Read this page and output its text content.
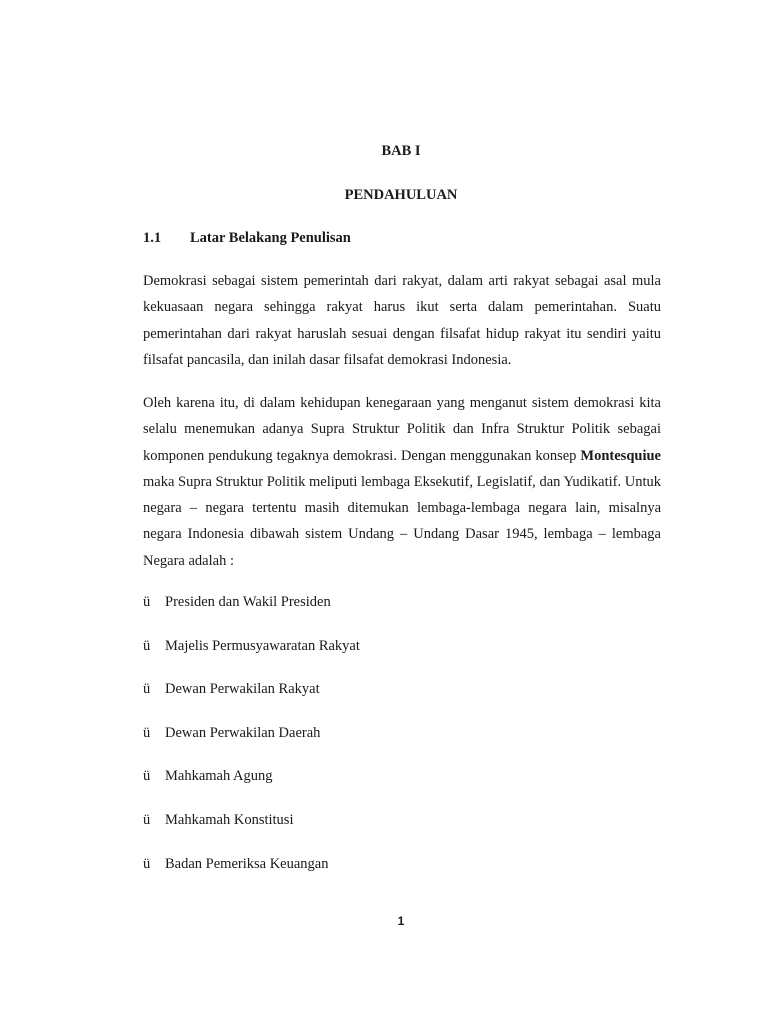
BAB I
PENDAHULUAN
1.1 Latar Belakang Penulisan

Demokrasi sebagai sistem pemerintah dari rakyat, dalam arti rakyat sebagai asal mula kekuasaan negara sehingga rakyat harus ikut serta dalam pemerintahan. Suatu pemerintahan dari rakyat haruslah sesuai dengan filsafat hidup rakyat itu sendiri yaitu filsafat pancasila, dan inilah dasar filsafat demokrasi Indonesia.

Oleh karena itu, di dalam kehidupan kenegaraan yang menganut sistem demokrasi kita selalu menemukan adanya Supra Struktur Politik dan Infra Struktur Politik sebagai komponen pendukung tegaknya demokrasi. Dengan menggunakan konsep Montesquiue maka Supra Struktur Politik meliputi lembaga Eksekutif, Legislatif, dan Yudikatif. Untuk negara – negara tertentu masih ditemukan lembaga-lembaga negara lain, misalnya negara Indonesia dibawah sistem Undang – Undang Dasar 1945, lembaga – lembaga Negara adalah :

ü Presiden dan Wakil Presiden
ü Majelis Permusyawaratan Rakyat
ü Dewan Perwakilan Rakyat
ü Dewan Perwakilan Daerah
ü Mahkamah Agung
ü Mahkamah Konstitusi
ü Badan Pemeriksa Keuangan
1
